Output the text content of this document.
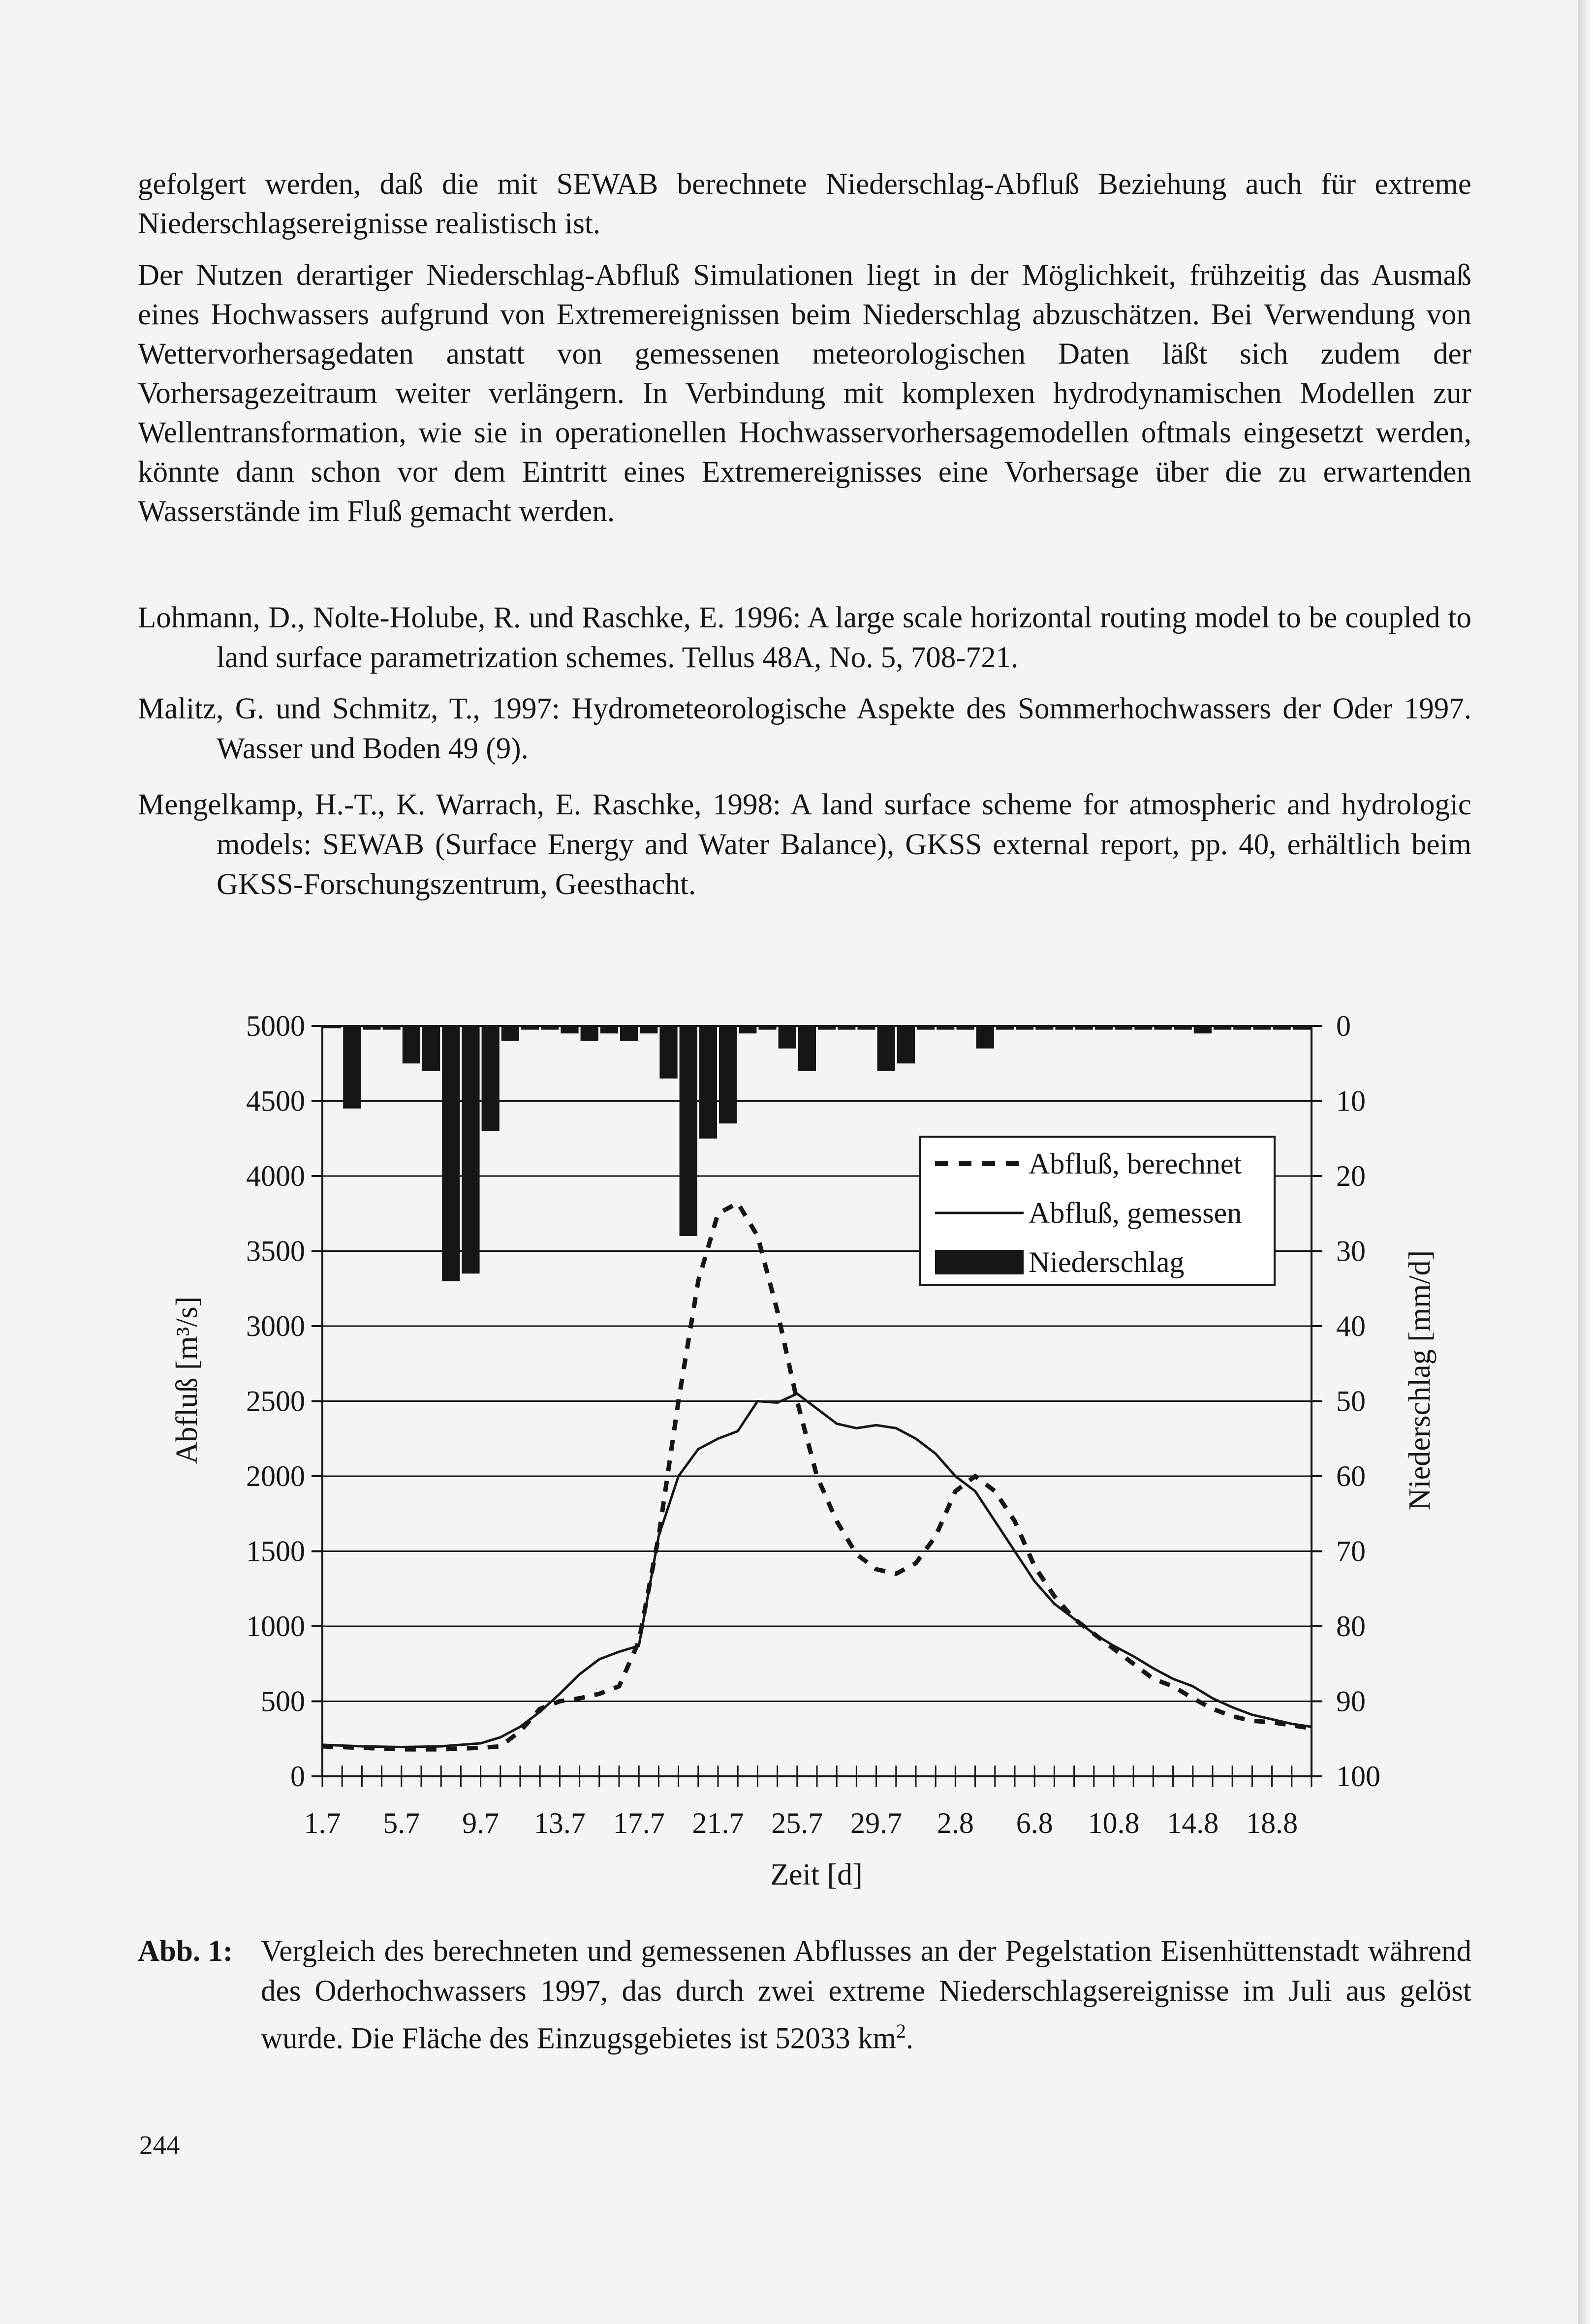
gefolgert werden, daß die mit SEWAB berechnete Niederschlag-Abfluß Beziehung auch für extreme Niederschlagsereignisse realistisch ist.

Der Nutzen derartiger Niederschlag-Abfluß Simulationen liegt in der Möglichkeit, frühzeitig das Ausmaß eines Hochwassers aufgrund von Extremereignissen beim Niederschlag abzuschätzen. Bei Verwendung von Wettervorhersagedaten anstatt von gemessenen meteorologischen Daten läßt sich zudem der Vorhersagezeitraum weiter verlängern. In Verbindung mit komplexen hydrodynamischen Modellen zur Wellentransformation, wie sie in operationellen Hochwasservorhersagemodellen oftmals eingesetzt werden, könnte dann schon vor dem Eintritt eines Extremereignisses eine Vorhersage über die zu erwartenden Wasserstände im Fluß gemacht werden.

Lohmann, D., Nolte-Holube, R. und Raschke, E. 1996: A large scale horizontal routing model to be coupled to land surface parametrization schemes. Tellus 48A, No. 5, 708-721.

Malitz, G. und Schmitz, T., 1997: Hydrometeorologische Aspekte des Sommerhochwassers der Oder 1997. Wasser und Boden 49 (9).

Mengelkamp, H.-T., K. Warrach, E. Raschke, 1998: A land surface scheme for atmospheric and hydrologic models: SEWAB (Surface Energy and Water Balance), GKSS external report, pp. 40, erhältlich beim GKSS-Forschungszentrum, Geesthacht.

0
500
1000
1500
2000
2500
3000
3500
4000
4500
5000	0
10
20
30
40
50
60
70
80
90
100
1.7 5.7 9.7 13.7 17.7 21.7 25.7 29.7 2.8 6.8 10.8 14.8 18.8
Abfluß, berechnet
Abfluß, gemessen
Niederschlag
Zeit [d]
Abfluß [m³/s]	Niederschlag [mm/d]
Abb. 1: Vergleich des berechneten und gemessenen Abflusses an der Pegelstation Eisenhüttenstadt während des Oderhochwassers 1997, das durch zwei extreme Niederschlagsereignisse im Juli aus gelöst wurde. Die Fläche des Einzugsgebietes ist 52033 $km^2$.
244
